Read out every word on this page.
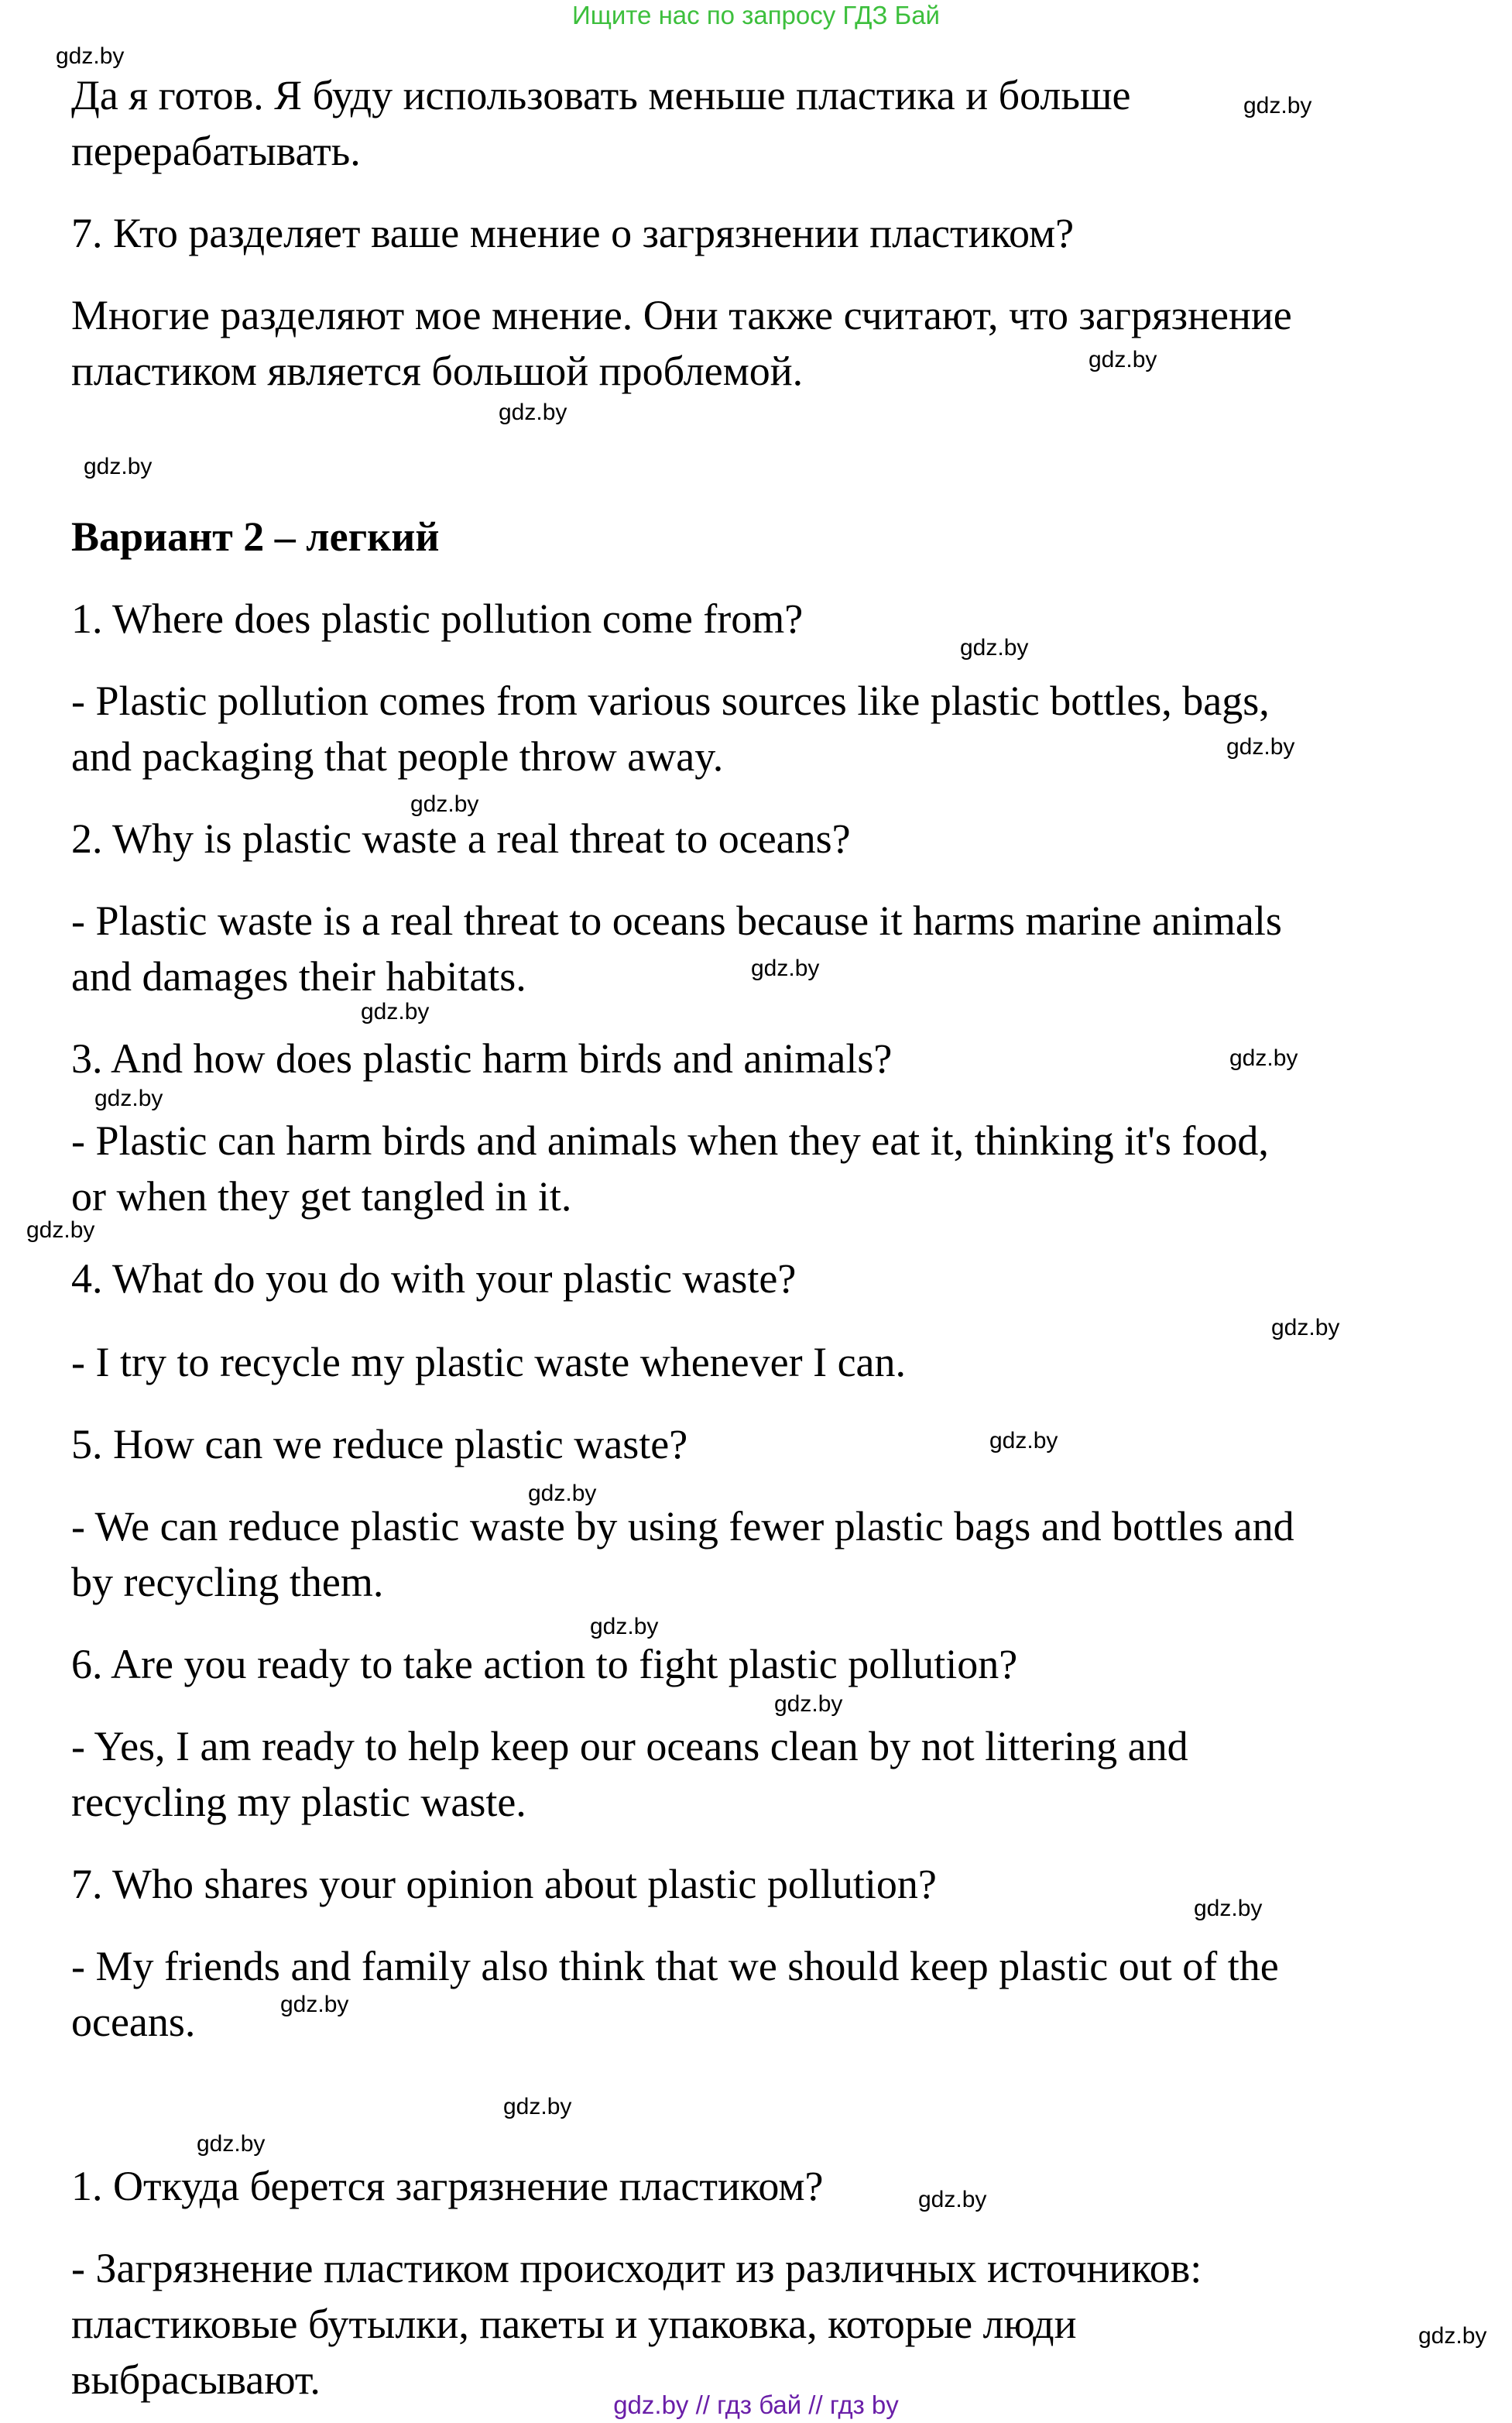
Ищите нас по запросу ГДЗ Бай
Да я готов. Я буду использовать меньше пластика и больше
перерабатывать.
7. Кто разделяет ваше мнение о загрязнении пластиком?
Многие разделяют мое мнение. Они также считают, что загрязнение
пластиком является большой проблемой.
Вариант 2 – легкий
1. Where does plastic pollution come from?
- Plastic pollution comes from various sources like plastic bottles, bags,
and packaging that people throw away.
2. Why is plastic waste a real threat to oceans?
- Plastic waste is a real threat to oceans because it harms marine animals
and damages their habitats.
3. And how does plastic harm birds and animals?
- Plastic can harm birds and animals when they eat it, thinking it's food,
or when they get tangled in it.
4. What do you do with your plastic waste?
- I try to recycle my plastic waste whenever I can.
5. How can we reduce plastic waste?
- We can reduce plastic waste by using fewer plastic bags and bottles and
by recycling them.
6. Are you ready to take action to fight plastic pollution?
- Yes, I am ready to help keep our oceans clean by not littering and
recycling my plastic waste.
7. Who shares your opinion about plastic pollution?
- My friends and family also think that we should keep plastic out of the
oceans.
1. Откуда берется загрязнение пластиком?
- Загрязнение пластиком происходит из различных источников:
пластиковые бутылки, пакеты и упаковка, которые люди
выбрасывают.
gdz.by
gdz.by
gdz.by
gdz.by
gdz.by
gdz.by
gdz.by
gdz.by
gdz.by
gdz.by
gdz.by
gdz.by
gdz.by
gdz.by
gdz.by
gdz.by
gdz.by
gdz.by
gdz.by
gdz.by
gdz.by
gdz.by
gdz.by
gdz.by
gdz.by // гдз бай // гдз by
